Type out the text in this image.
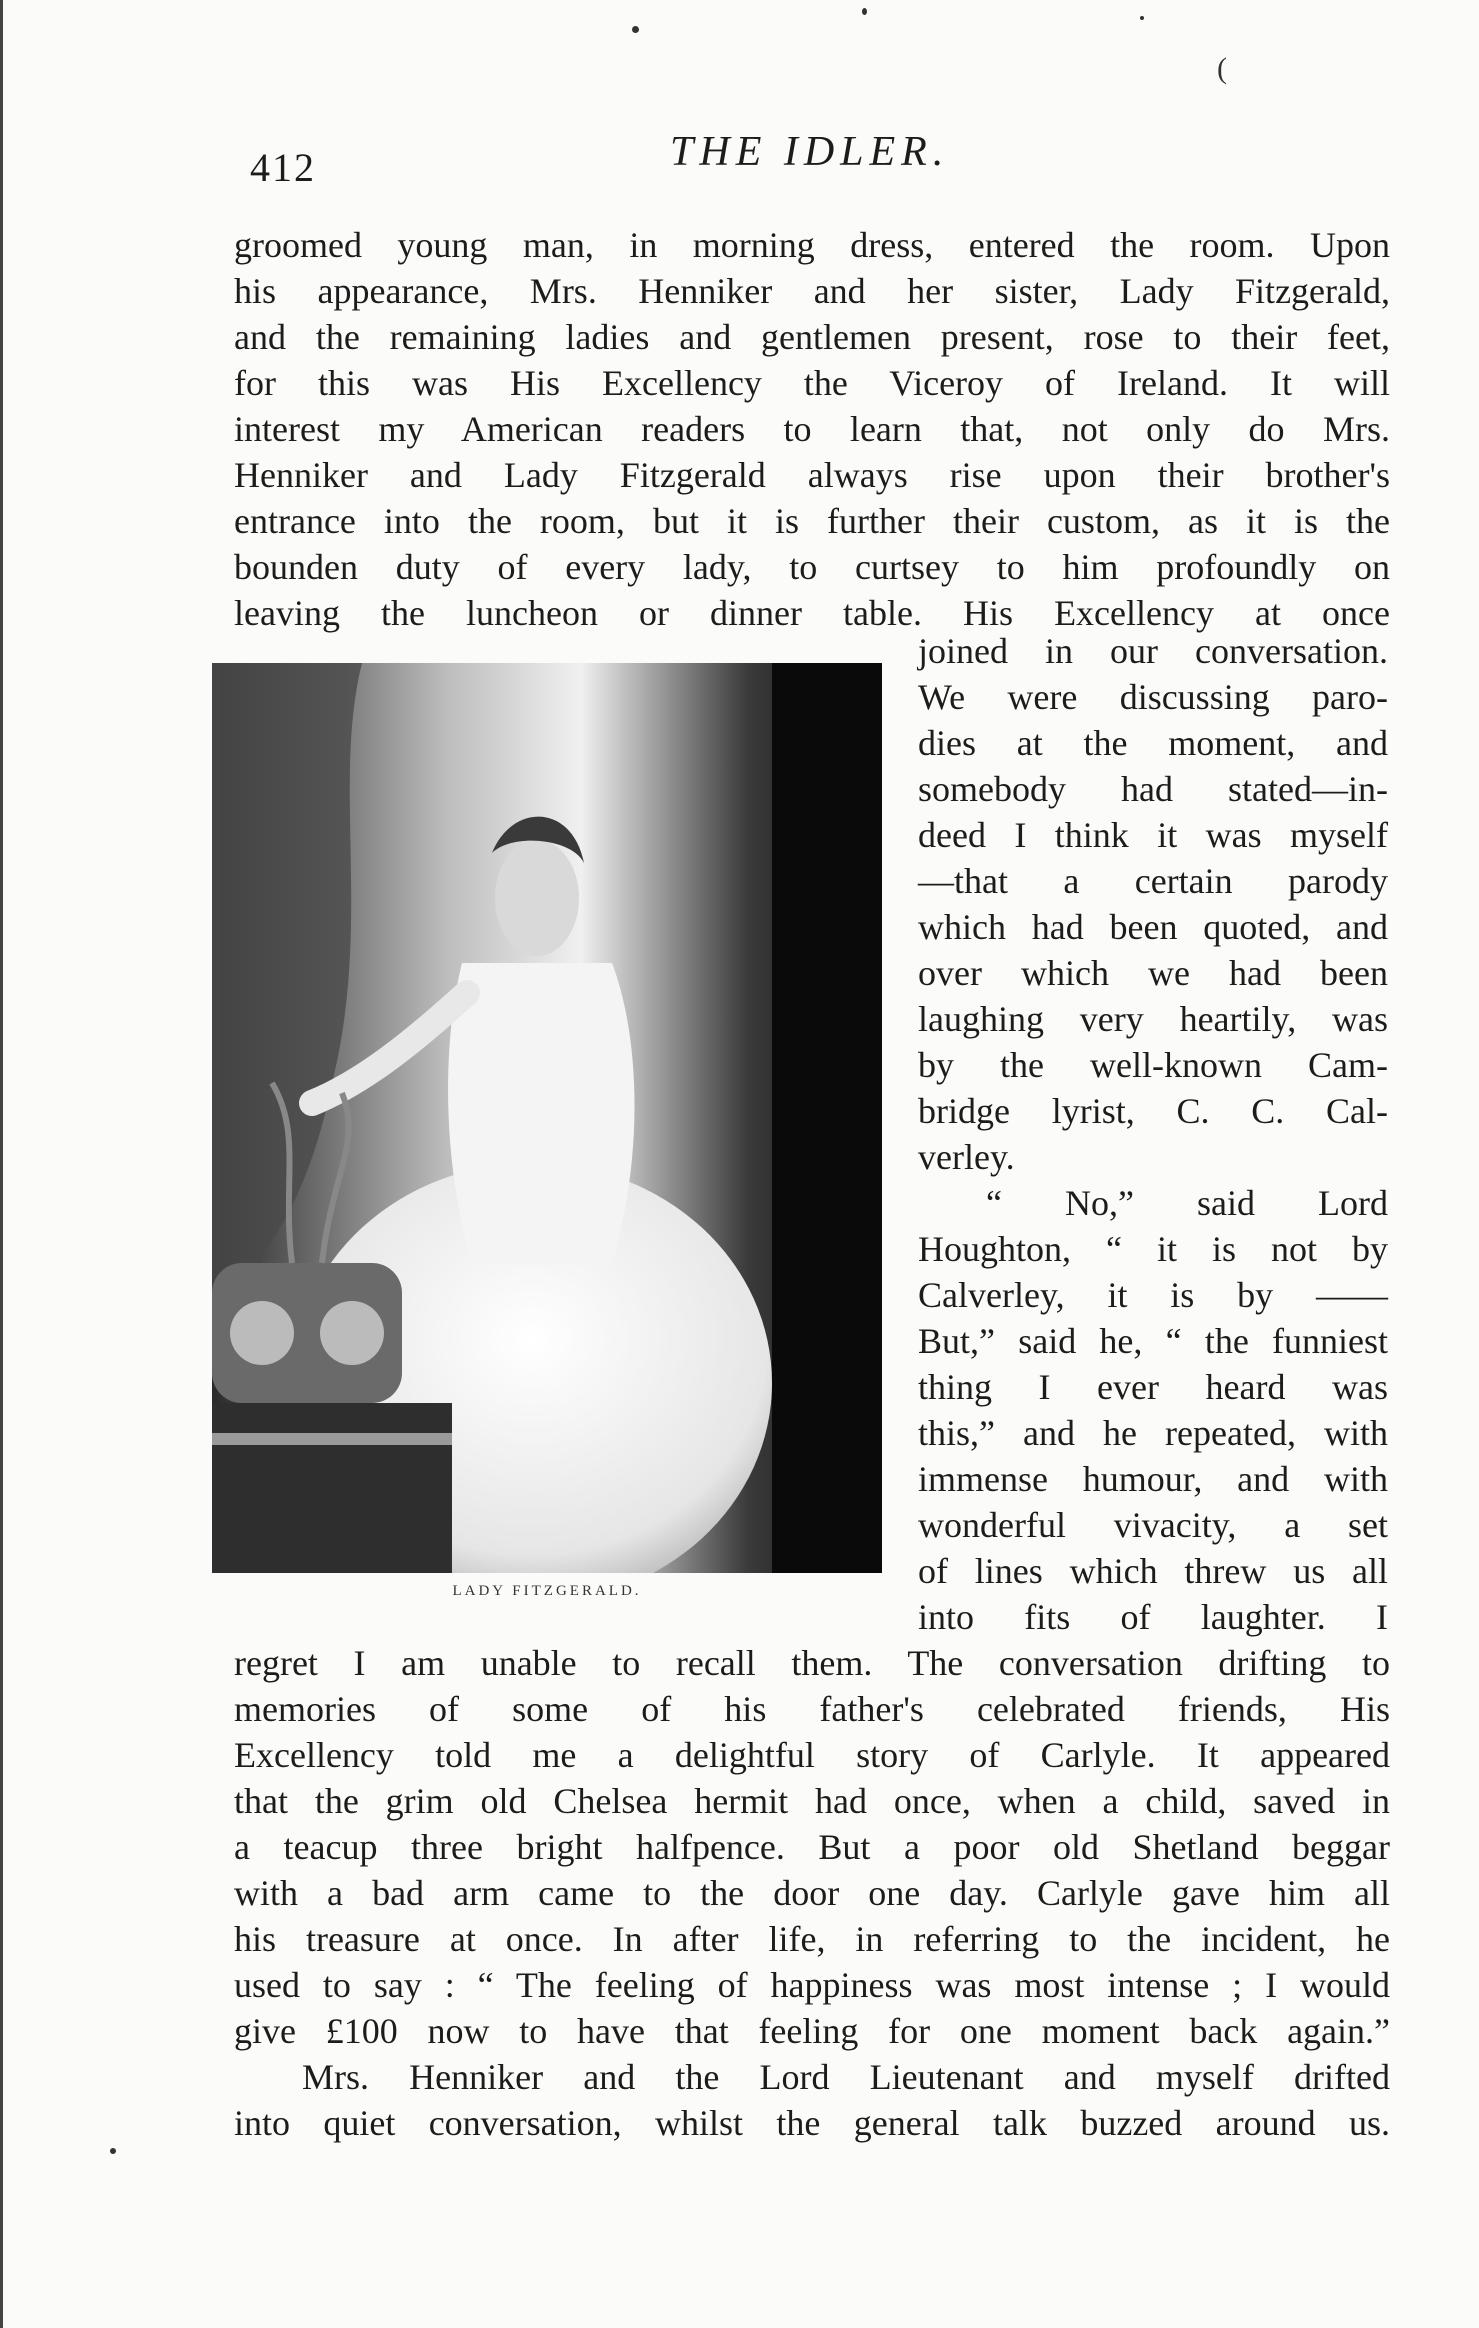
(
412	THE IDLER.
groomed young man, in morning dress, entered the room. Upon
his appearance, Mrs. Henniker and her sister, Lady Fitzgerald,
and the remaining ladies and gentlemen present, rose to their feet,
for this was His Excellency the Viceroy of Ireland. It will
interest my American readers to learn that, not only do Mrs.
Henniker and Lady Fitzgerald always rise upon their brother's
entrance into the room, but it is further their custom, as it is the
bounden duty of every lady, to curtsey to him profoundly on
leaving the luncheon or dinner table. His Excellency at once
LADY FITZGERALD.
joined in our conversation.
We were discussing paro-
dies at the moment, and
somebody had stated—in-
deed I think it was myself
—that a certain parody
which had been quoted, and
over which we had been
laughing very heartily, was
by the well-known Cam-
bridge lyrist, C. C. Cal-
verley.
“ No,” said Lord
Houghton, “ it is not by
Calverley, it is by ——
But,” said he, “ the funniest
thing I ever heard was
this,” and he repeated, with
immense humour, and with
wonderful vivacity, a set
of lines which threw us all
into fits of laughter. I
regret I am unable to recall them. The conversation drifting to
memories of some of his father's celebrated friends, His
Excellency told me a delightful story of Carlyle. It appeared
that the grim old Chelsea hermit had once, when a child, saved in
a teacup three bright halfpence. But a poor old Shetland beggar
with a bad arm came to the door one day. Carlyle gave him all
his treasure at once. In after life, in referring to the incident, he
used to say : “ The feeling of happiness was most intense ; I would
give £100 now to have that feeling for one moment back again.”
Mrs. Henniker and the Lord Lieutenant and myself drifted
into quiet conversation, whilst the general talk buzzed around us.
